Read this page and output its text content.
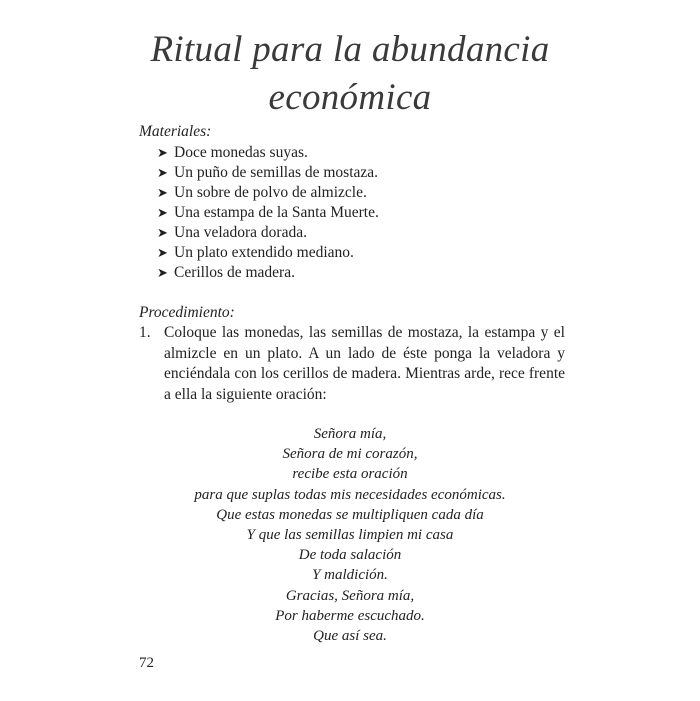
Ritual para la abundancia
económica
Materiales:
➤ Doce monedas suyas.
➤ Un puño de semillas de mostaza.
➤ Un sobre de polvo de almizcle.
➤ Una estampa de la Santa Muerte.
➤ Una veladora dorada.
➤ Un plato extendido mediano.
➤ Cerillos de madera.
Procedimiento:
1. Coloque las monedas, las semillas de mostaza, la estampa y el almizcle en un plato. A un lado de éste ponga la veladora y enciéndala con los cerillos de madera. Mientras arde, rece frente a ella la siguiente oración:
Señora mía,
Señora de mi corazón,
recibe esta oración
para que suplas todas mis necesidades económicas.
Que estas monedas se multipliquen cada día
Y que las semillas limpien mi casa
De toda salación
Y maldición.
Gracias, Señora mía,
Por haberme escuchado.
Que así sea.
72
